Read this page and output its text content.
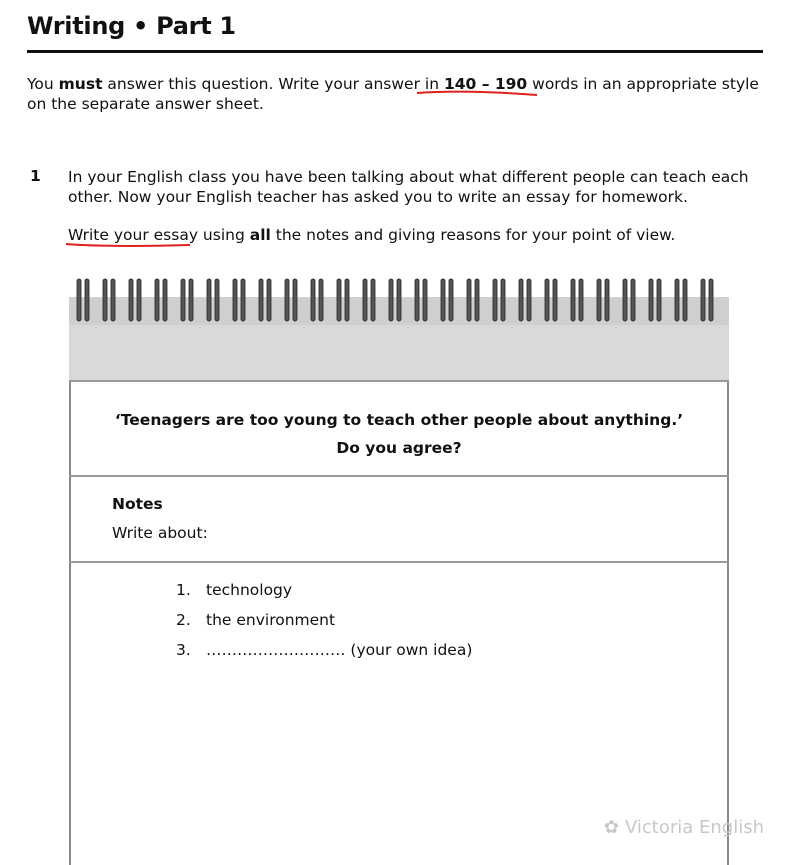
Writing • Part 1
You must answer this question. Write your answer in 140 – 190 words in an appropriate style on the separate answer sheet.
1 In your English class you have been talking about what different people can teach each other. Now your English teacher has asked you to write an essay for homework.
Write your essay using all the notes and giving reasons for your point of view.
‘Teenagers are too young to teach other people about anything.’
Do you agree?
Notes
Write about:
1. technology
2. the environment
3. ……………………… (your own idea)
✿ Victoria English
